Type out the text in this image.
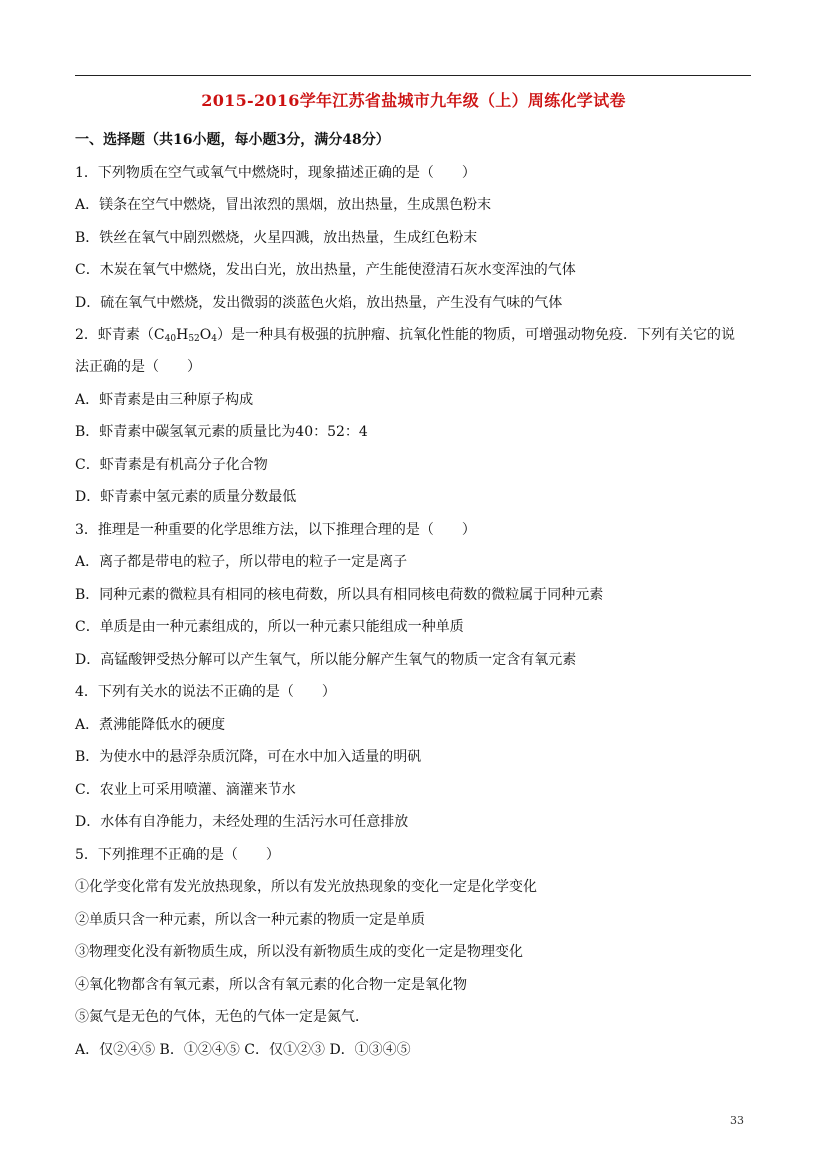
2015-2016学年江苏省盐城市九年级（上）周练化学试卷
一、选择题（共16小题，每小题3分，满分48分）
1．下列物质在空气或氧气中燃烧时，现象描述正确的是（　　）
A．镁条在空气中燃烧，冒出浓烈的黑烟，放出热量，生成黑色粉末
B．铁丝在氧气中剧烈燃烧，火星四溅，放出热量，生成红色粉末
C．木炭在氧气中燃烧，发出白光，放出热量，产生能使澄清石灰水变浑浊的气体
D．硫在氧气中燃烧，发出微弱的淡蓝色火焰，放出热量，产生没有气味的气体
2．虾青素$(C_{40}H_{52}O_4)$是一种具有极强的抗肿瘤、抗氧化性能的物质，可增强动物免疫．下列有关它的说
法正确的是（　　）
A．虾青素是由三种原子构成
B．虾青素中碳氢氧元素的质量比为40：52：4
C．虾青素是有机高分子化合物
D．虾青素中氢元素的质量分数最低
3．推理是一种重要的化学思维方法，以下推理合理的是（　　）
A．离子都是带电的粒子，所以带电的粒子一定是离子
B．同种元素的微粒具有相同的核电荷数，所以具有相同核电荷数的微粒属于同种元素
C．单质是由一种元素组成的，所以一种元素只能组成一种单质
D．高锰酸钾受热分解可以产生氧气，所以能分解产生氧气的物质一定含有氧元素
4．下列有关水的说法不正确的是（　　）
A．煮沸能降低水的硬度
B．为使水中的悬浮杂质沉降，可在水中加入适量的明矾
C．农业上可采用喷灌、滴灌来节水
D．水体有自净能力，未经处理的生活污水可任意排放
5．下列推理不正确的是（　　）
①化学变化常有发光放热现象，所以有发光放热现象的变化一定是化学变化
②单质只含一种元素，所以含一种元素的物质一定是单质
③物理变化没有新物质生成，所以没有新物质生成的变化一定是物理变化
④氧化物都含有氧元素，所以含有氧元素的化合物一定是氧化物
⑤氮气是无色的气体，无色的气体一定是氮气．
A．仅②④⑤ B．①②④⑤ C．仅①②③ D．①③④⑤
33
